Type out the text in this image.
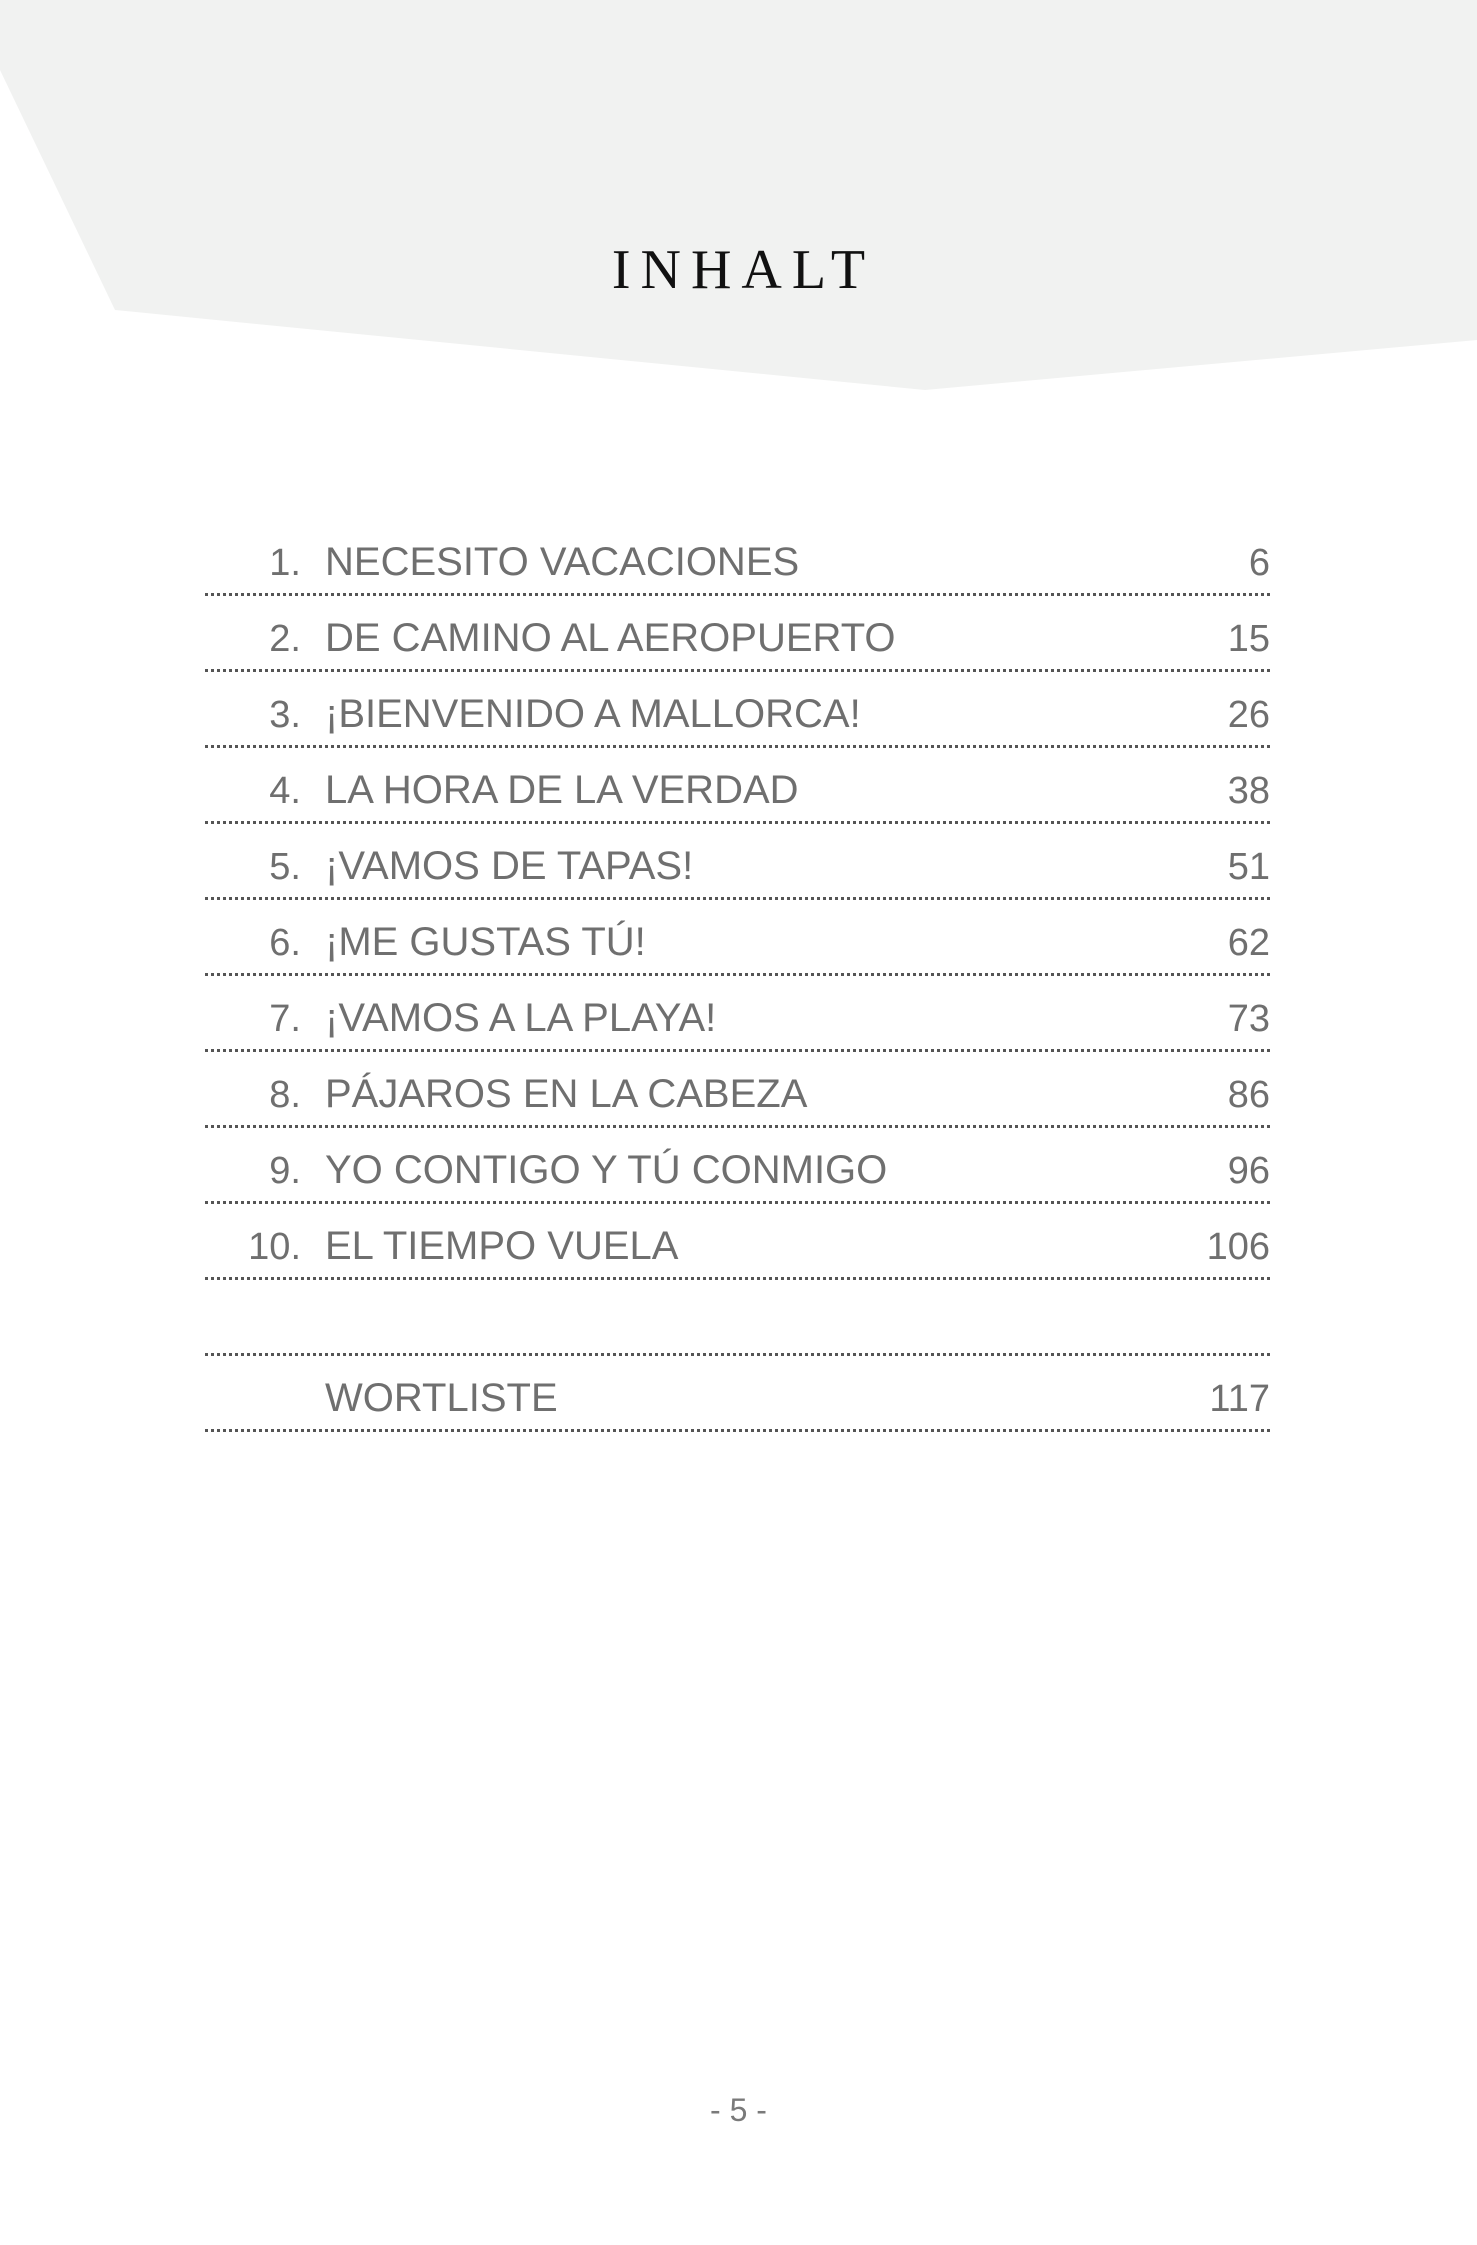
INHALT
1. NECESITO VACACIONES	6
2. DE CAMINO AL AEROPUERTO	15
3. ¡BIENVENIDO A MALLORCA!	26
4. LA HORA DE LA VERDAD	38
5. ¡VAMOS DE TAPAS!	51
6. ¡ME GUSTAS TÚ!	62
7. ¡VAMOS A LA PLAYA!	73
8. PÁJAROS EN LA CABEZA	86
9. YO CONTIGO Y TÚ CONMIGO	96
10. EL TIEMPO VUELA	106
WORTLISTE	117
- 5 -
